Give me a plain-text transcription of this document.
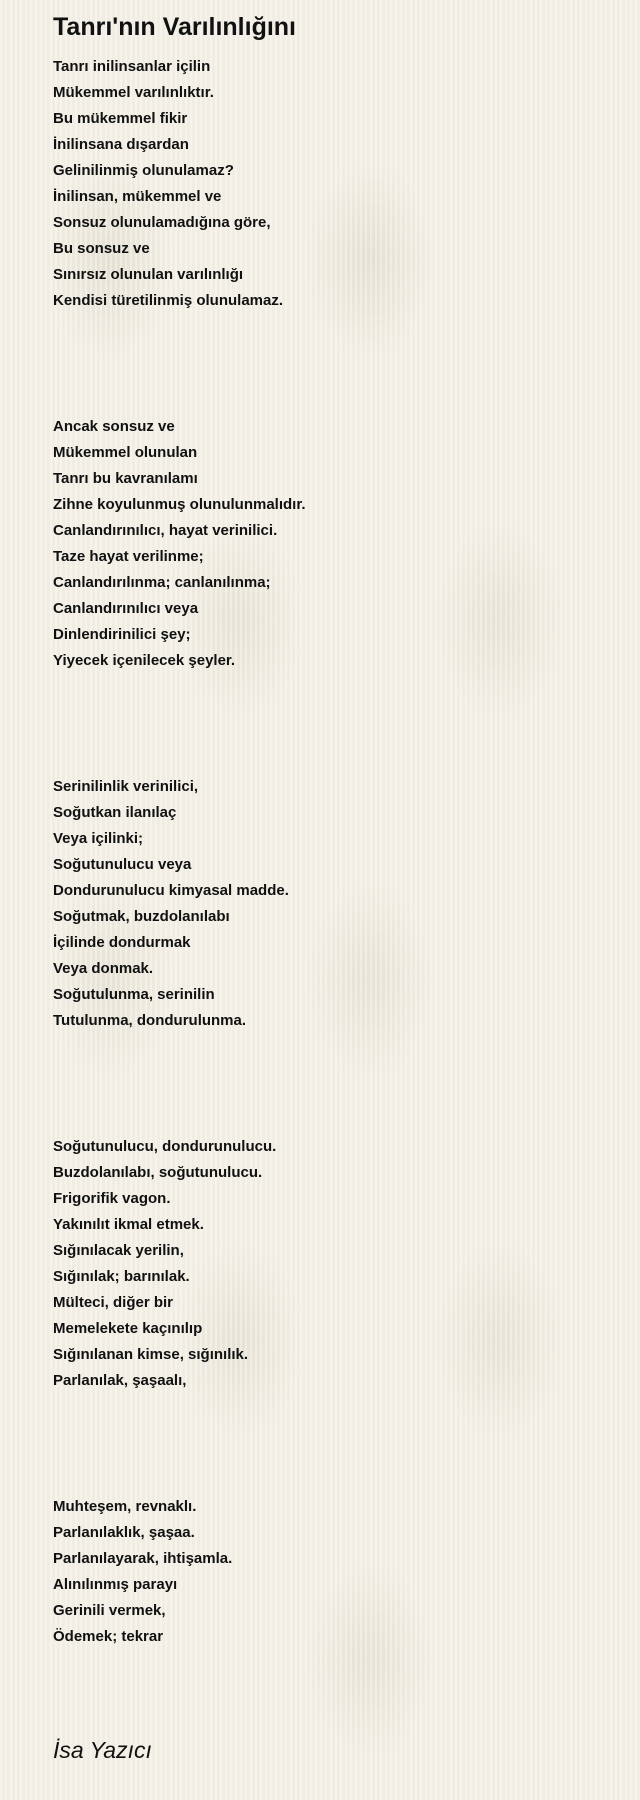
Tanrı'nın Varılınlığını
Tanrı inilinsanlar içilin
Mükemmel varılınlıktır.
Bu mükemmel fikir
İnilinsana dışardan
Gelinilinmiş olunulamaz?
İnilinsan, mükemmel ve
Sonsuz olunulamadığına göre,
Bu sonsuz ve
Sınırsız olunulan varılınlığı
Kendisi türetilinmiş olunulamaz.
Ancak sonsuz ve
Mükemmel olunulan
Tanrı bu kavranılamı
Zihne koyulunmuş olunulunmalıdır.
Canlandırınılıcı, hayat verinilici.
Taze hayat verilinme;
Canlandırılınma; canlanılınma;
Canlandırınılıcı veya
Dinlendirinilici şey;
Yiyecek içenilecek şeyler.
Serinilinlik verinilici,
Soğutkan ilanılaç
Veya içilinki;
Soğutunulucu veya
Dondurunulucu kimyasal madde.
Soğutmak, buzdolanılabı
İçilinde dondurmak
Veya donmak.
Soğutulunma, serinilin
Tutulunma, dondurulunma.
Soğutunulucu, dondurunulucu.
Buzdolanılabı, soğutunulucu.
Frigorifik vagon.
Yakınılıt ikmal etmek.
Sığınılacak yerilin,
Sığınılak; barınılak.
Mülteci, diğer bir
Memelekete kaçınılıp
Sığınılanan kimse, sığınılık.
Parlanılak, şaşaalı,
Muhteşem, revnaklı.
Parlanılaklık, şaşaa.
Parlanılayarak, ihtişamla.
Alınılınmış parayı
Gerinili vermek,
Ödemek; tekrar
İsa Yazıcı
